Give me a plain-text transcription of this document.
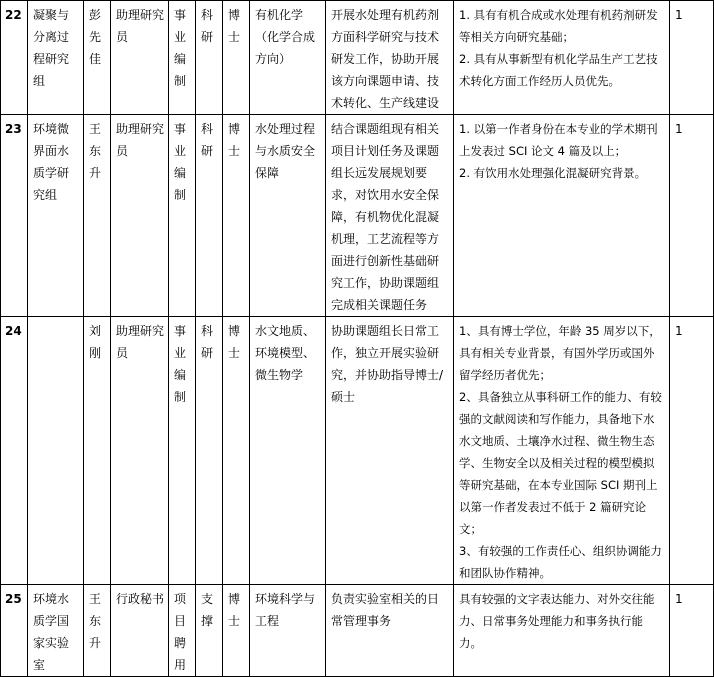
22	凝聚与分离过程研究组	彭先佳	助理研究员	事业编制	科研	博士	有机化学（化学合成方向）	开展水处理有机药剂方面科学研究与技术研发工作，协助开展该方向课题申请、技术转化、生产线建设	1. 具有有机合成或水处理有机药剂研发等相关方向研究基础；

2. 具有从事新型有机化学品生产工艺技术转化方面工作经历人员优先。	1
23	环境微界面水质学研究组	王东升	助理研究员	事业编制	科研	博士	水处理过程与水质安全保障	结合课题组现有相关项目计划任务及课题组长远发展规划要求，对饮用水安全保障，有机物优化混凝机理，工艺流程等方面进行创新性基础研究工作，协助课题组完成相关课题任务	1. 以第一作者身份在本专业的学术期刊上发表过 SCI 论文 4 篇及以上；

2. 有饮用水处理强化混凝研究背景。	1
24		刘刚	助理研究员	事业编制	科研	博士	水文地质、环境模型、微生物学	协助课题组长日常工作，独立开展实验研究，并协助指导博士/硕士	1、具有博士学位，年龄 35 周岁以下，具有相关专业背景，有国外学历或国外留学经历者优先；

2、具备独立从事科研工作的能力、有较强的文献阅读和写作能力，具备地下水水文地质、土壤净水过程、微生物生态学、生物安全以及相关过程的模型模拟等研究基础，在本专业国际 SCI 期刊上以第一作者发表过不低于 2 篇研究论文；

3、有较强的工作责任心、组织协调能力和团队协作精神。	1
25	环境水质学国家实验室	王东升	行政秘书	项目聘用	支撑	博士	环境科学与工程	负责实验室相关的日常管理事务	具有较强的文字表达能力、对外交往能力、日常事务处理能力和事务执行能力。	1
